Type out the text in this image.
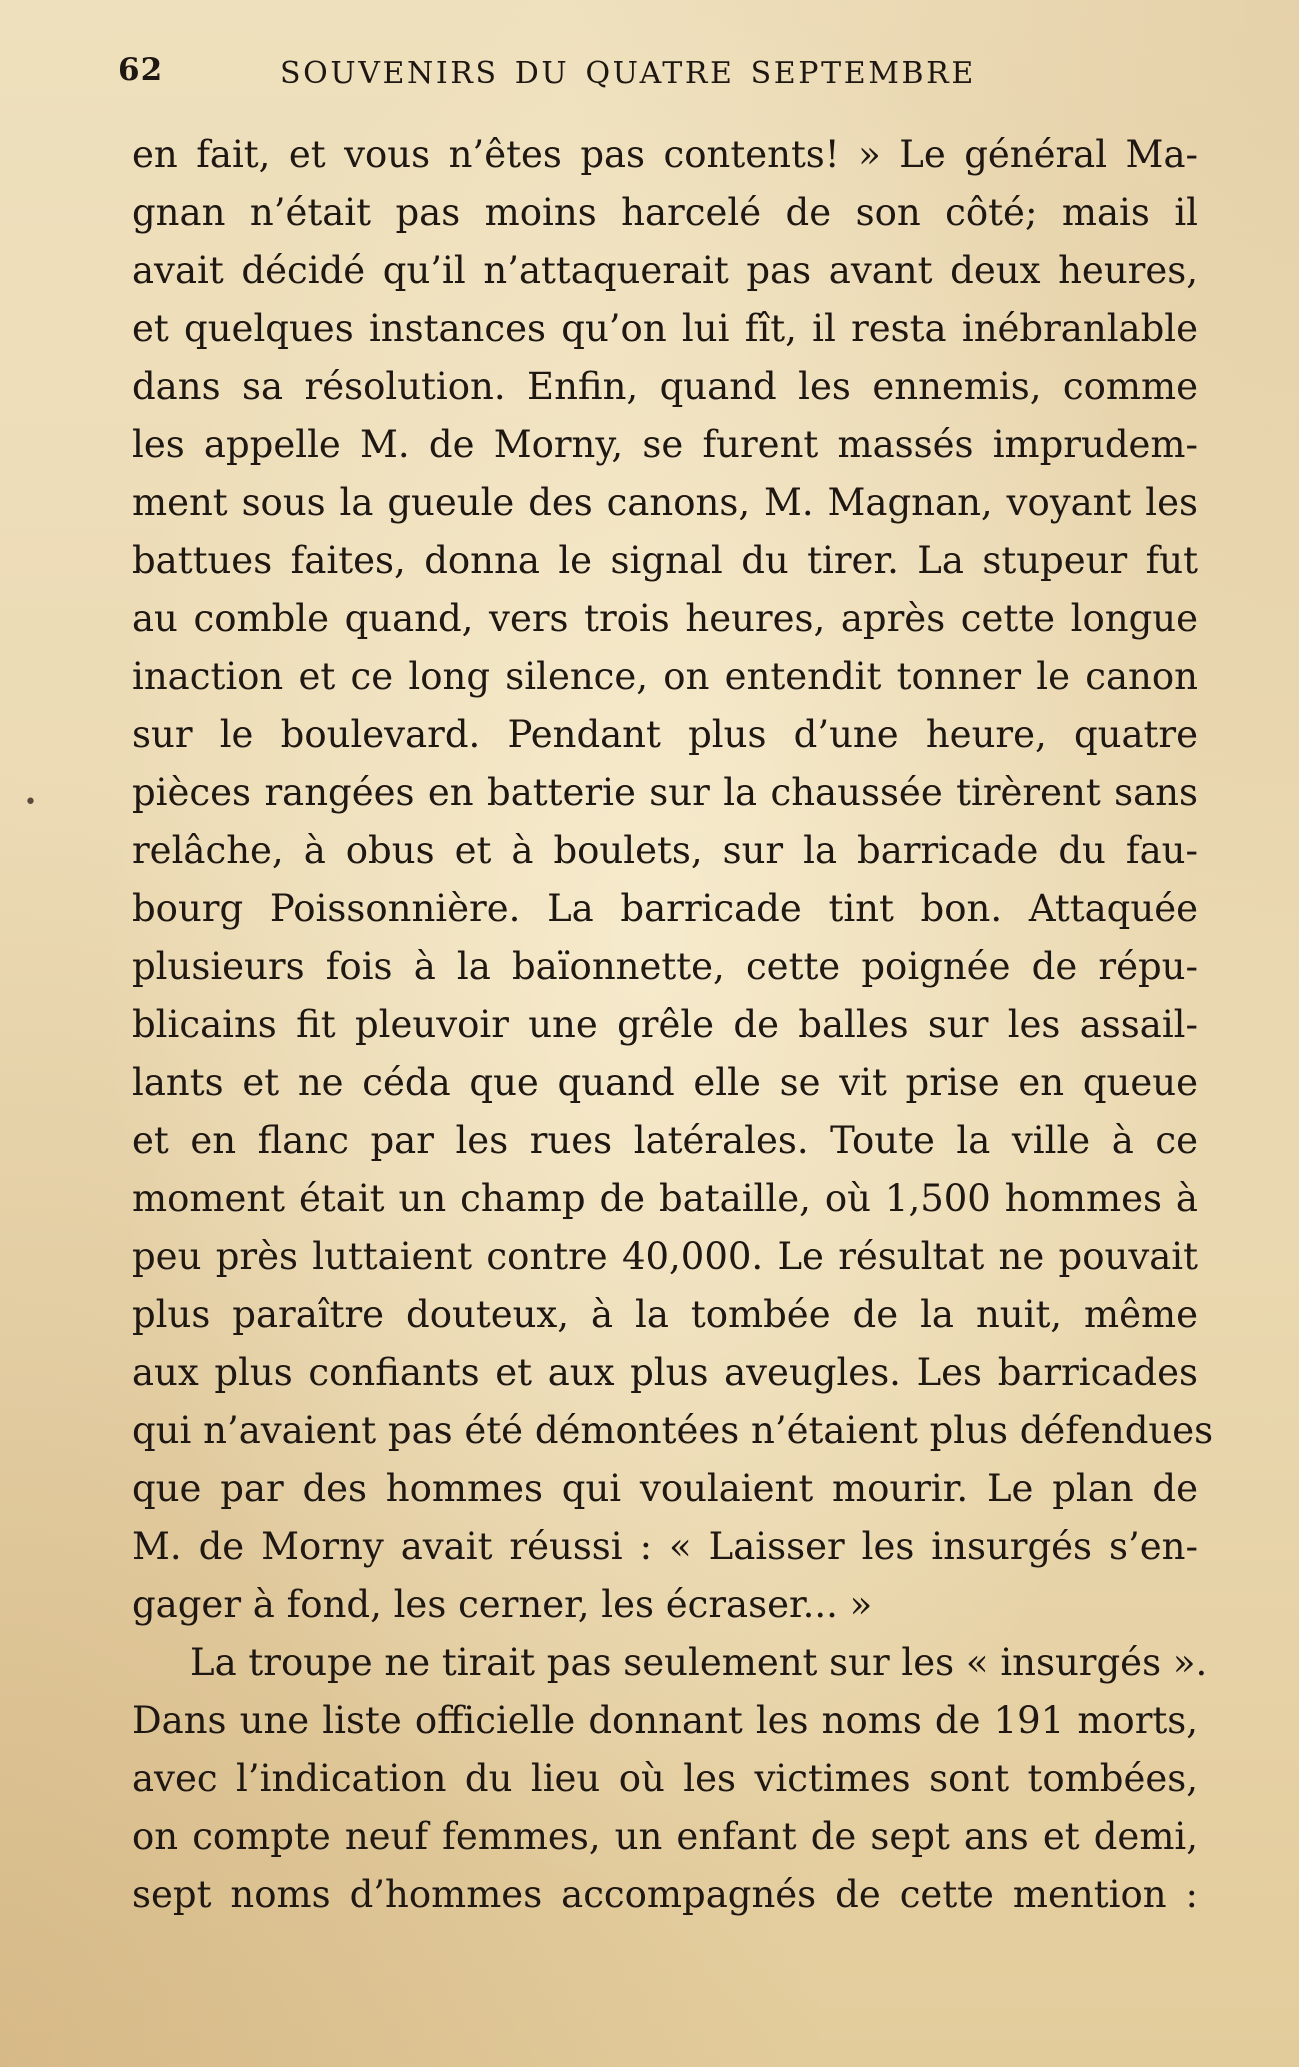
62	SOUVENIRS DU QUATRE SEPTEMBRE
•
en fait, et vous n’êtes pas contents! » Le général Ma-
gnan n’était pas moins harcelé de son côté; mais il
avait décidé qu’il n’attaquerait pas avant deux heures,
et quelques instances qu’on lui fît, il resta inébranlable
dans sa résolution. Enfin, quand les ennemis, comme
les appelle M. de Morny, se furent massés imprudem-
ment sous la gueule des canons, M. Magnan, voyant les
battues faites, donna le signal du tirer. La stupeur fut
au comble quand, vers trois heures, après cette longue
inaction et ce long silence, on entendit tonner le canon
sur le boulevard. Pendant plus d’une heure, quatre
pièces rangées en batterie sur la chaussée tirèrent sans
relâche, à obus et à boulets, sur la barricade du fau-
bourg Poissonnière. La barricade tint bon. Attaquée
plusieurs fois à la baïonnette, cette poignée de répu-
blicains fit pleuvoir une grêle de balles sur les assail-
lants et ne céda que quand elle se vit prise en queue
et en flanc par les rues latérales. Toute la ville à ce
moment était un champ de bataille, où 1,500 hommes à
peu près luttaient contre 40,000. Le résultat ne pouvait
plus paraître douteux, à la tombée de la nuit, même
aux plus confiants et aux plus aveugles. Les barricades
qui n’avaient pas été démontées n’étaient plus défendues
que par des hommes qui voulaient mourir. Le plan de
M. de Morny avait réussi : « Laisser les insurgés s’en-
gager à fond, les cerner, les écraser... »
La troupe ne tirait pas seulement sur les « insurgés ».
Dans une liste officielle donnant les noms de 191 morts,
avec l’indication du lieu où les victimes sont tombées,
on compte neuf femmes, un enfant de sept ans et demi,
sept noms d’hommes accompagnés de cette mention :
